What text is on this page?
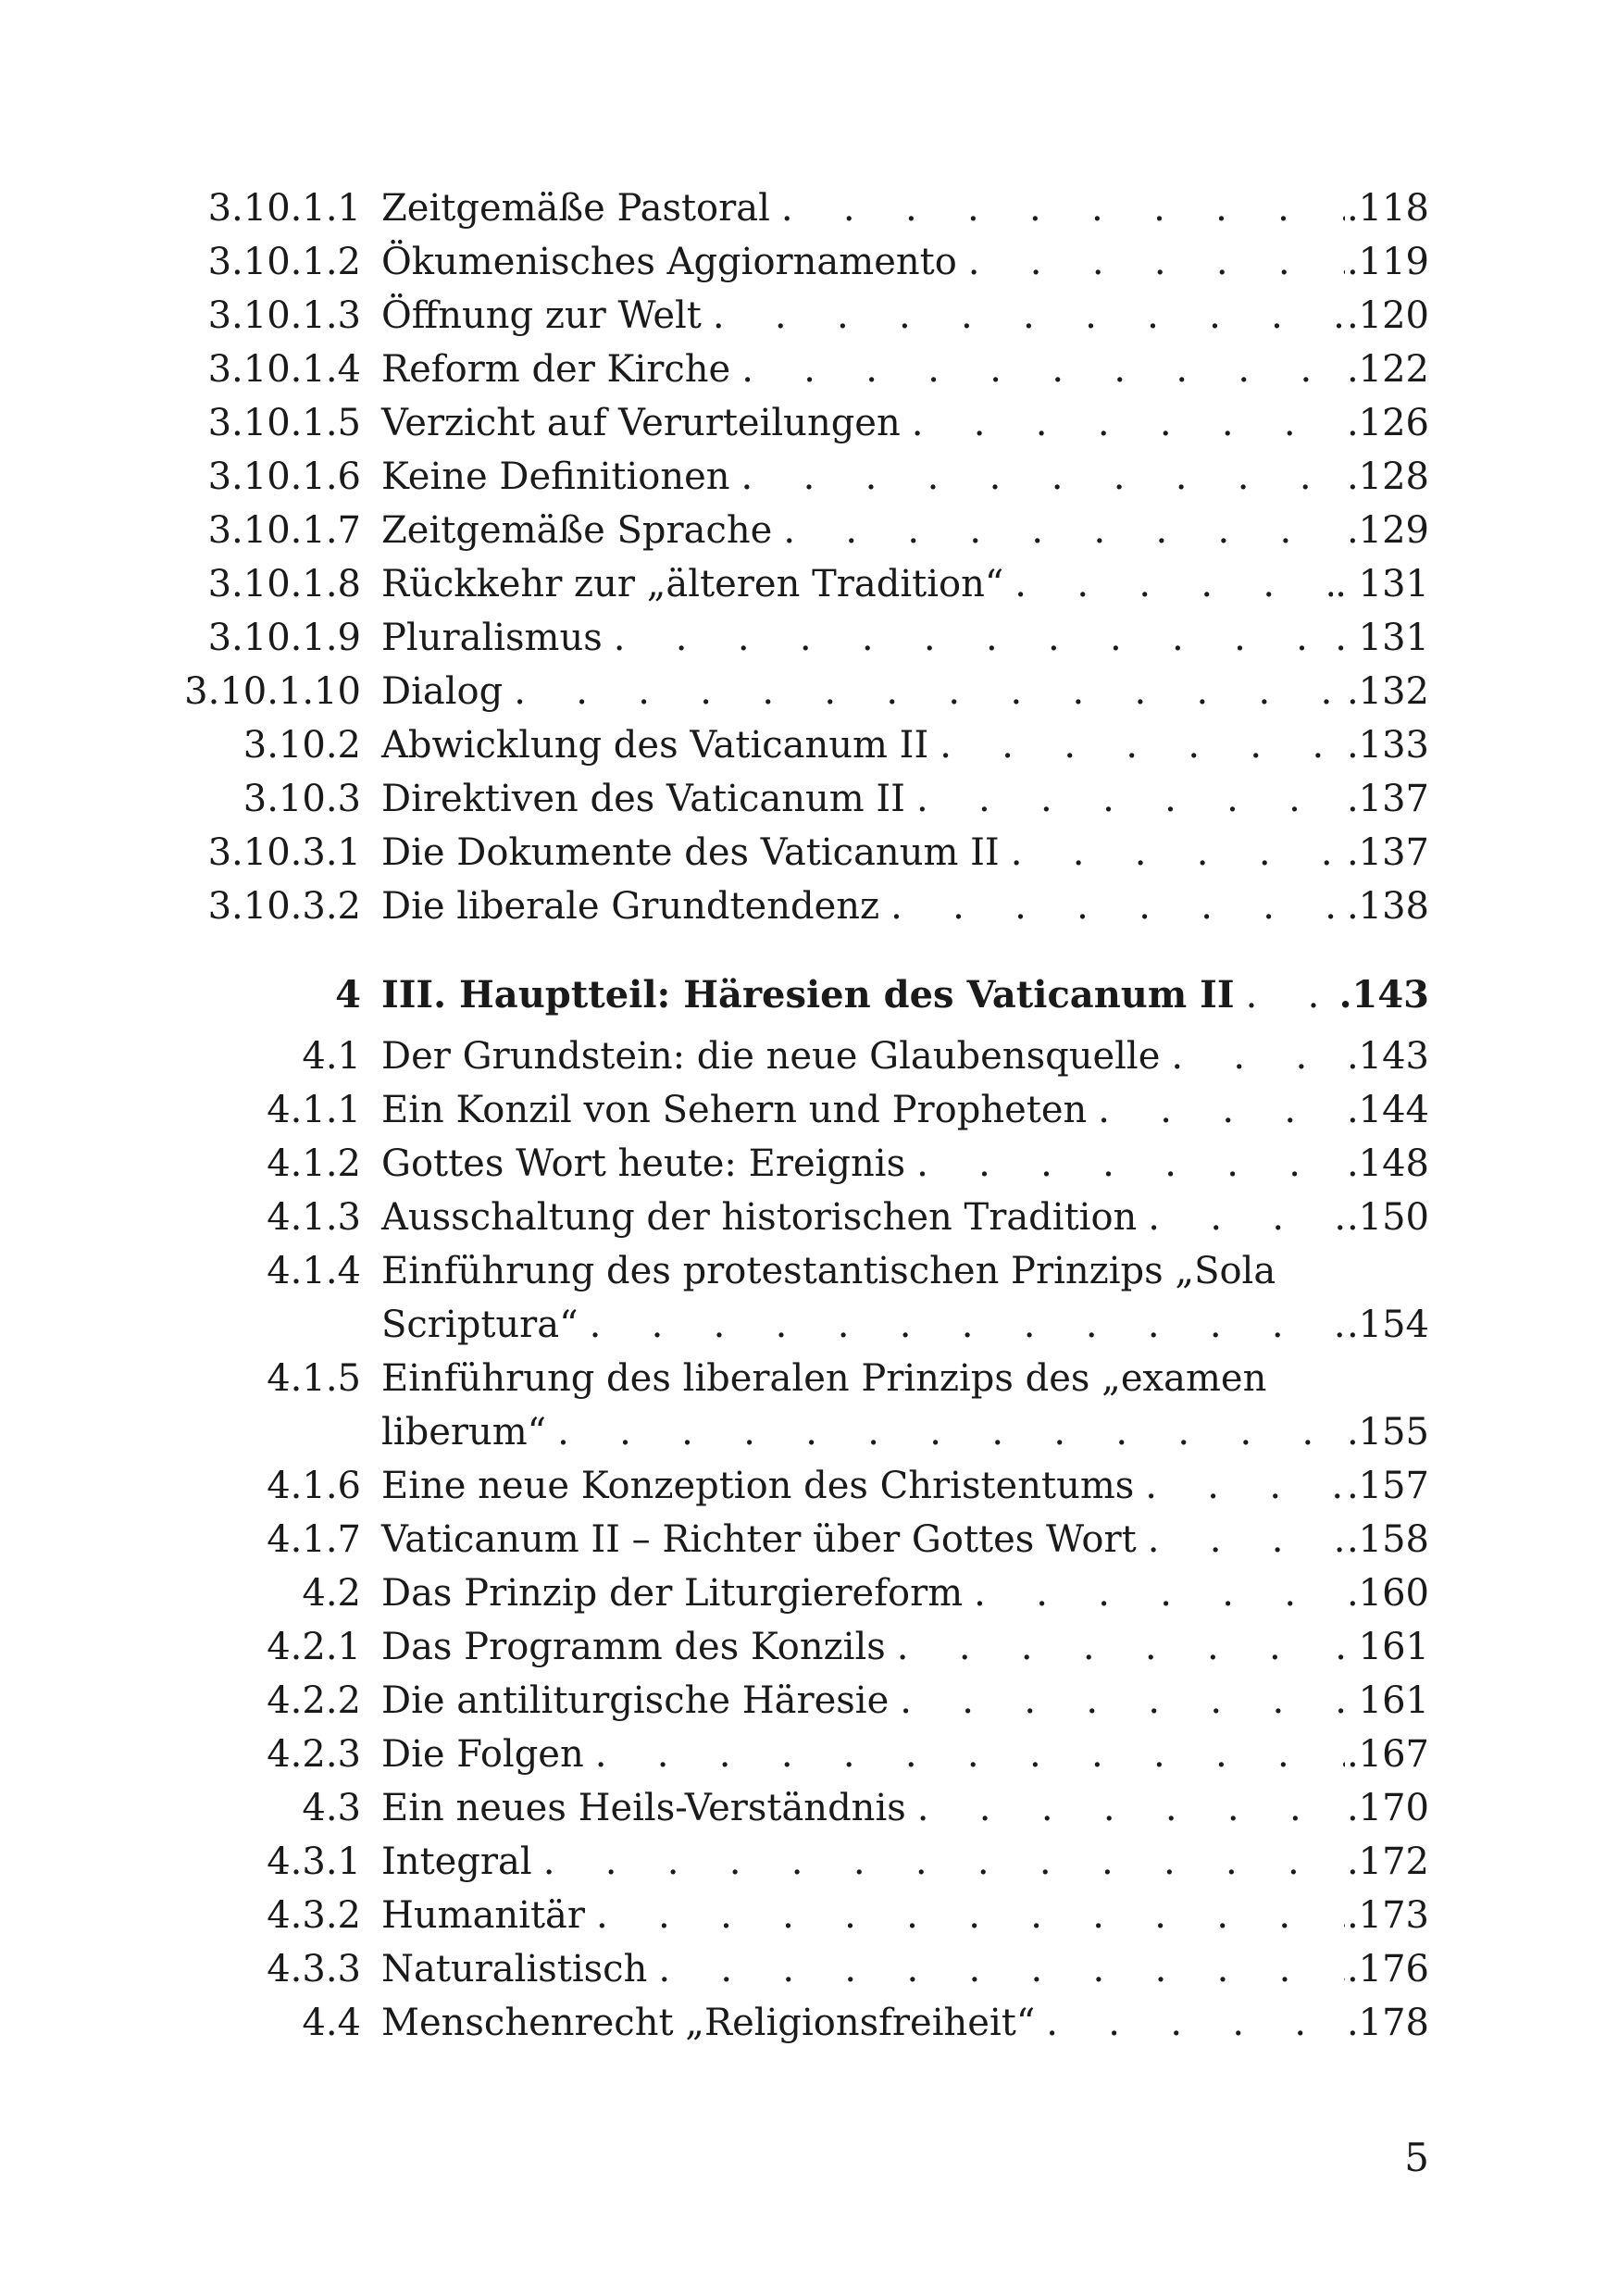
3.10.1.1 Zeitgemäße Pastoral . . .	.118
3.10.1.2 Ökumenisches Aggiornamento . . .	.119
3.10.1.3 Öffnung zur Welt . . .	.120
3.10.1.4 Reform der Kirche . . .	.122
3.10.1.5 Verzicht auf Verurteilungen . . .	.126
3.10.1.6 Keine Definitionen . . .	.128
3.10.1.7 Zeitgemäße Sprache . . .	.129
3.10.1.8 Rückkehr zur „älteren Tradition“ . . .	. 131
3.10.1.9 Pluralismus . . .	. 131
3.10.1.10 Dialog . . .	.132
3.10.2 Abwicklung des Vaticanum II . . .	.133
3.10.3 Direktiven des Vaticanum II . . .	.137
3.10.3.1 Die Dokumente des Vaticanum II . . .	.137
3.10.3.2 Die liberale Grundtendenz . . .	.138
4 III. Hauptteil: Häresien des Vaticanum II . . .	.143
4.1 Der Grundstein: die neue Glaubensquelle . . .	.143
4.1.1 Ein Konzil von Sehern und Propheten . . .	.144
4.1.2 Gottes Wort heute: Ereignis . . .	.148
4.1.3 Ausschaltung der historischen Tradition . . .	.150
4.1.4 Einführung des protestantischen Prinzips „Sola
Scriptura“ . . .	.154
4.1.5 Einführung des liberalen Prinzips des „examen
liberum“ . . .	.155
4.1.6 Eine neue Konzeption des Christentums . . .	.157
4.1.7 Vaticanum II – Richter über Gottes Wort . . .	.158
4.2 Das Prinzip der Liturgiereform . . .	.160
4.2.1 Das Programm des Konzils . . .	. 161
4.2.2 Die antiliturgische Häresie . . .	. 161
4.2.3 Die Folgen . . .	.167
4.3 Ein neues Heils-Verständnis . . .	.170
4.3.1 Integral . . .	.172
4.3.2 Humanitär . . .	.173
4.3.3 Naturalistisch . . .	.176
4.4 Menschenrecht „Religionsfreiheit“ . . .	.178
5
